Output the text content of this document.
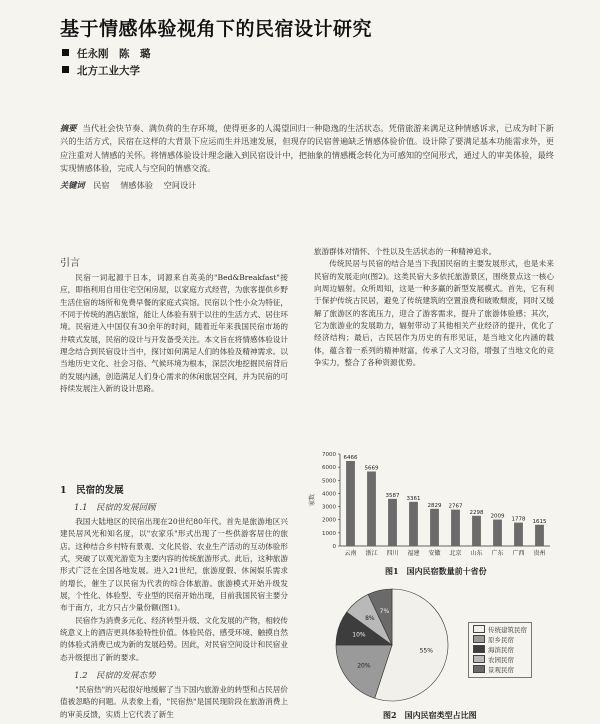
基于情感体验视角下的民宿设计研究
任永刚　陈　璐
北方工业大学
摘要 当代社会快节奏、满负荷的生存环境，使得更多的人渴望回归一种隐逸的生活状态。凭借旅游来满足这种情感诉求，已成为时下新兴的生活方式，民宿在这样的大背景下应运而生并迅速发展，但现存的民宿普遍缺乏情感体验价值。设计除了要满足基本功能需求外，更应注重对人情感的关怀。将情感体验设计理念融入到民宿设计中，把抽象的情感概念转化为可感知的空间形式，通过人的审美体验，最终实现情感体验，完成人与空间的情感交流。
关键词 民宿 情感体验 空间设计
引言

民宿一词起源于日本，词源来自英美的"Bed&Breakfast"接应，即指利用自用住宅空闲房屋，以家庭方式经营，为旅客提供乡野生活住宿的场所和免费早餐的家庭式宾馆。民宿以个性小众为特征，不同于传统的酒店旅馆，能让人体验有别于以往的生活方式、居住环境。民宿进入中国仅有30余年的时间，随着近年来我国民宿市场的井喷式发展，民宿的设计与开发备受关注。本文旨在将情感体验设计理念结合到民宿设计当中，探讨如何满足人们的体验及精神需求。以当地历史文化、社会习俗、气候环境为根本，深层次地挖掘民宿背后的发展内涵，创造满足人们身心需求的休闲旅居空间，并为民宿的可持续发展注入新的设计思路。

1　民宿的发展
1.1　民宿的发展回顾

我国大陆地区的民宿出现在20世纪80年代。首先是旅游地区兴建民居风光和知名度，以"农家乐"形式出现了一些供游客居住的旅店。这种结合乡村特有景观、文化民俗、农业生产活动的互动体验形式，突破了以观光游览为主要内容的传统旅游形式。此后，这种旅游形式广泛在全国各地发展。进入21世纪，旅游度假、休闲娱乐需求的增长，催生了以民宿为代表的综合体旅游。旅游模式开始升级发展，个性化、体验型、专业型的民宿开始出现，目前我国民宿主要分布于南方，北方只占少量份额(图1)。

民宿作为消费多元化、经济转型升级、文化发展的产物，相较传统意义上的酒店更具体验特性价值。体验民俗、感受环境、触摸自然的体验式消费已成为新的发展趋势。因此，对民宿空间设计和民宿业态升级提出了新的要求。

1.2　民宿的发展态势

"民宿热"的兴起很好地缓解了当下国内旅游业的转型和占民居价值被忽略的问题。从表象上看，"民宿热"是国民现阶段在旅游消费上的审美反馈，实质上它代表了新生

旅游群体对情怀、个性以及生活状态的一种精神追求。

传统民居与民宿的结合是当下我国民宿的主要发展形式，也是未来民宿的发展走向(图2)。这类民宿大多依托旅游景区，围绕景点这一核心向周边辐射。众所周知，这是一种多赢的新型发展模式。首先，它有利于保护传统古民居，避免了传统建筑的空置浪费和破败颓废，同时又缓解了旅游区的客流压力，迎合了游客需求，提升了旅游体验感；其次，它为旅游业的发展助力，辐射带动了其他相关产业经济的提升，优化了经济结构；最后，古民居作为历史的有形见证，是当地文化内涵的载体，蕴含着一系列的精神财富，传承了人文习俗，增强了当地文化的竞争实力，整合了各种资源优势。

0
1000
2000
3000
4000
5000
6000
7000
家数
6466
云南
5669
浙江
3587
四川
3361
福建
2829
安徽
2767
北京
2298
山东
2009
广东
1778
广西
1615
贵州
图1　国内民宿数量前十省份
55%
20%
10%
8%
7%
传统建筑民宿
原乡民宿
海滨民宿
农园民宿
景观民宿
图2　国内民宿类型占比图
